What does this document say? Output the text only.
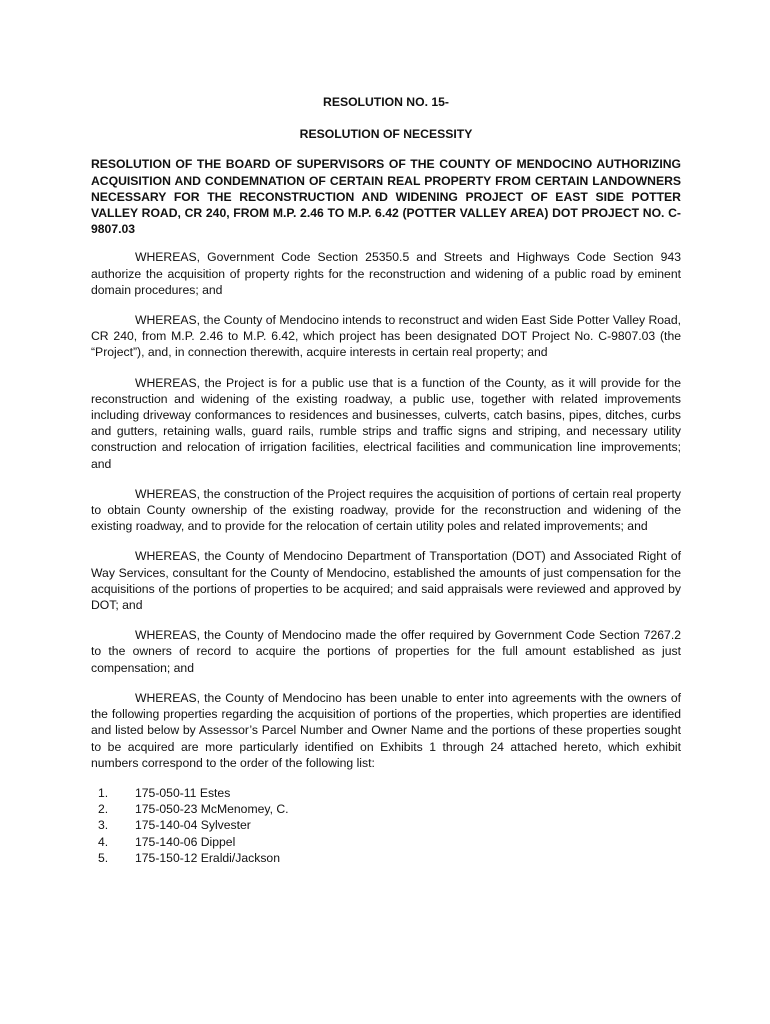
RESOLUTION NO. 15-

RESOLUTION OF NECESSITY

RESOLUTION OF THE BOARD OF SUPERVISORS OF THE COUNTY OF MENDOCINO AUTHORIZING ACQUISITION AND CONDEMNATION OF CERTAIN REAL PROPERTY FROM CERTAIN LANDOWNERS NECESSARY FOR THE RECONSTRUCTION AND WIDENING PROJECT OF EAST SIDE POTTER VALLEY ROAD, CR 240, FROM M.P. 2.46 TO M.P. 6.42 (POTTER VALLEY AREA) DOT PROJECT NO. C-9807.03

WHEREAS, Government Code Section 25350.5 and Streets and Highways Code Section 943 authorize the acquisition of property rights for the reconstruction and widening of a public road by eminent domain procedures; and

WHEREAS, the County of Mendocino intends to reconstruct and widen East Side Potter Valley Road, CR 240, from M.P. 2.46 to M.P. 6.42, which project has been designated DOT Project No. C-9807.03 (the “Project”), and, in connection therewith, acquire interests in certain real property; and

WHEREAS, the Project is for a public use that is a function of the County, as it will provide for the reconstruction and widening of the existing roadway, a public use, together with related improvements including driveway conformances to residences and businesses, culverts, catch basins, pipes, ditches, curbs and gutters, retaining walls, guard rails, rumble strips and traffic signs and striping, and necessary utility construction and relocation of irrigation facilities, electrical facilities and communication line improvements; and

WHEREAS, the construction of the Project requires the acquisition of portions of certain real property to obtain County ownership of the existing roadway, provide for the reconstruction and widening of the existing roadway, and to provide for the relocation of certain utility poles and related improvements; and

WHEREAS, the County of Mendocino Department of Transportation (DOT) and Associated Right of Way Services, consultant for the County of Mendocino, established the amounts of just compensation for the acquisitions of the portions of properties to be acquired; and said appraisals were reviewed and approved by DOT; and

WHEREAS, the County of Mendocino made the offer required by Government Code Section 7267.2 to the owners of record to acquire the portions of properties for the full amount established as just compensation; and

WHEREAS, the County of Mendocino has been unable to enter into agreements with the owners of the following properties regarding the acquisition of portions of the properties, which properties are identified and listed below by Assessor’s Parcel Number and Owner Name and the portions of these properties sought to be acquired are more particularly identified on Exhibits 1 through 24 attached hereto, which exhibit numbers correspond to the order of the following list:

1.	175-050-11 Estes
2.	175-050-23 McMenomey, C.
3.	175-140-04 Sylvester
4.	175-140-06 Dippel
5.	175-150-12 Eraldi/Jackson
